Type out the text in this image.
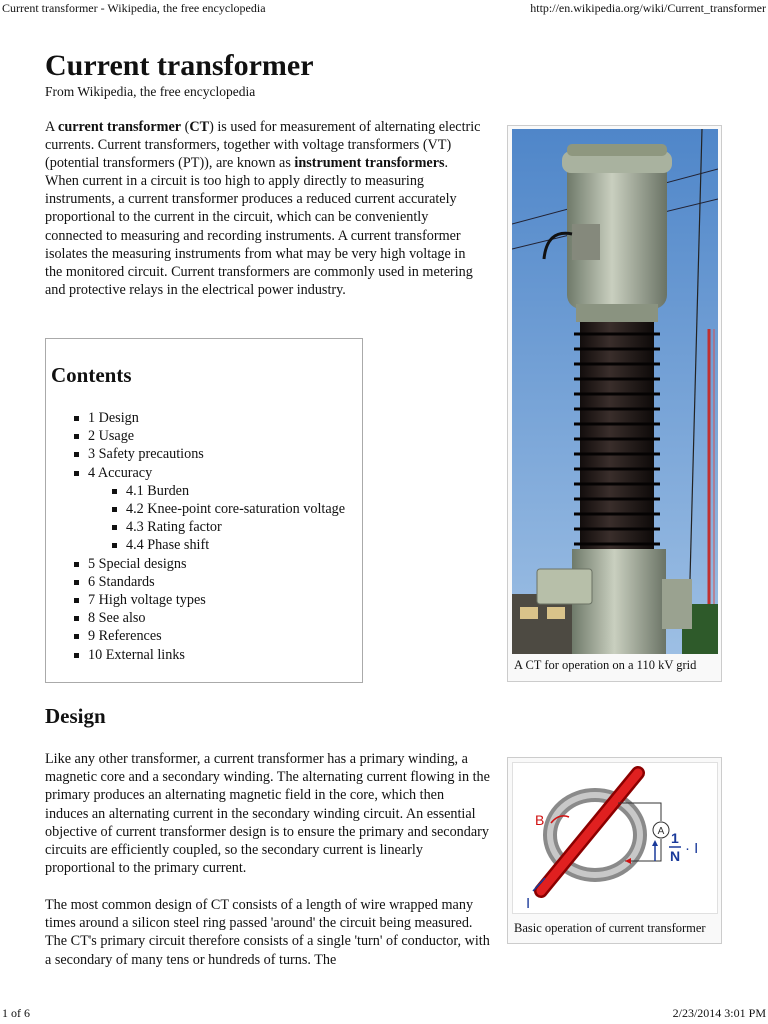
Current transformer - Wikipedia, the free encyclopedia	http://en.wikipedia.org/wiki/Current_transformer
Current transformer
From Wikipedia, the free encyclopedia

A current transformer (CT) is used for measurement of alternating electric currents. Current transformers, together with voltage transformers (VT) (potential transformers (PT)), are known as instrument transformers. When current in a circuit is too high to apply directly to measuring instruments, a current transformer produces a reduced current accurately proportional to the current in the circuit, which can be conveniently connected to measuring and recording instruments. A current transformer isolates the measuring instruments from what may be very high voltage in the monitored circuit. Current transformers are commonly used in metering and protective relays in the electrical power industry.

Contents
1 Design
2 Usage
3 Safety precautions
4 Accuracy
4.1 Burden
4.2 Knee-point core-saturation voltage
4.3 Rating factor
4.4 Phase shift
5 Special designs
6 Standards
7 High voltage types
8 See also
9 References
10 External links
A CT for operation on a 110 kV grid
Design

Like any other transformer, a current transformer has a primary winding, a magnetic core and a secondary winding. The alternating current flowing in the primary produces an alternating magnetic field in the core, which then induces an alternating current in the secondary winding circuit. An essential objective of current transformer design is to ensure the primary and secondary circuits are efficiently coupled, so the secondary current is linearly proportional to the primary current.

The most common design of CT consists of a length of wire wrapped many times around a silicon steel ring passed 'around' the circuit being measured. The CT's primary circuit therefore consists of a single 'turn' of conductor, with a secondary of many tens or hundreds of turns. The

A
B
I
1
N · I
Basic operation of current transformer
1 of 6	2/23/2014 3:01 PM
